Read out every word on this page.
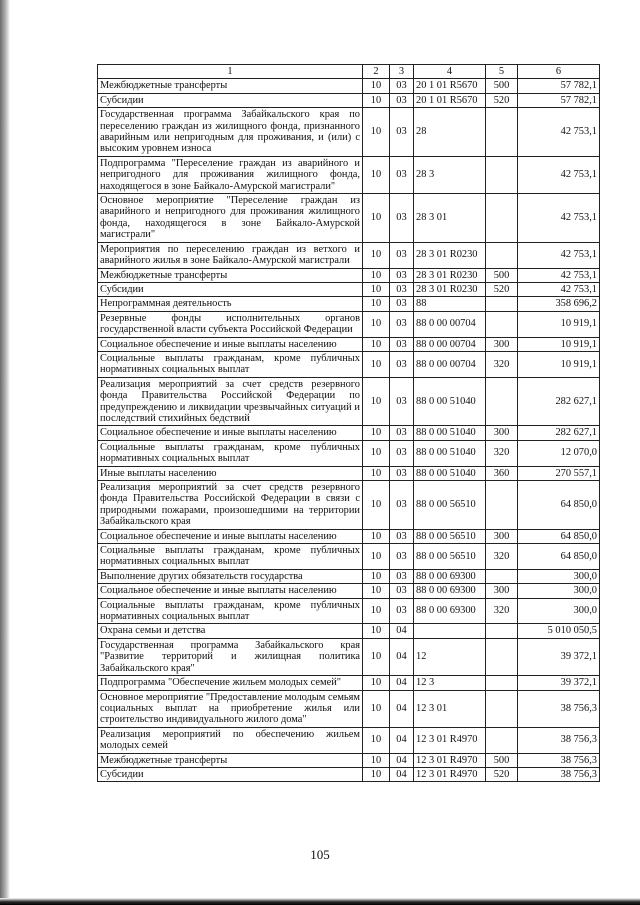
1	2	3	4	5	6
Межбюджетные трансферты	10	03	20 1 01 R5670	500	57 782,1
Субсидии	10	03	20 1 01 R5670	520	57 782,1
Государственная программа Забайкальского края по переселению граждан из жилищного фонда, признанного аварийным или непригодным для проживания, и (или) с высоким уровнем износа	10	03	28		42 753,1
Подпрограмма "Переселение граждан из аварийного и непригодного для проживания жилищного фонда, находящегося в зоне Байкало-Амурской магистрали"	10	03	28 3		42 753,1
Основное мероприятие "Переселение граждан из аварийного и непригодного для проживания жилищного фонда, находящегося в зоне Байкало-Амурской магистрали"	10	03	28 3 01		42 753,1
Мероприятия по переселению граждан из ветхого и аварийного жилья в зоне Байкало-Амурской магистрали	10	03	28 3 01 R0230		42 753,1
Межбюджетные трансферты	10	03	28 3 01 R0230	500	42 753,1
Субсидии	10	03	28 3 01 R0230	520	42 753,1
Непрограммная деятельность	10	03	88		358 696,2
Резервные фонды исполнительных органов государственной власти субъекта Российской Федерации	10	03	88 0 00 00704		10 919,1
Социальное обеспечение и иные выплаты населению	10	03	88 0 00 00704	300	10 919,1
Социальные выплаты гражданам, кроме публичных нормативных социальных выплат	10	03	88 0 00 00704	320	10 919,1
Реализация мероприятий за счет средств резервного фонда Правительства Российской Федерации по предупреждению и ликвидации чрезвычайных ситуаций и последствий стихийных бедствий	10	03	88 0 00 51040		282 627,1
Социальное обеспечение и иные выплаты населению	10	03	88 0 00 51040	300	282 627,1
Социальные выплаты гражданам, кроме публичных нормативных социальных выплат	10	03	88 0 00 51040	320	12 070,0
Иные выплаты населению	10	03	88 0 00 51040	360	270 557,1
Реализация мероприятий за счет средств резервного фонда Правительства Российской Федерации в связи с природными пожарами, произошедшими на территории Забайкальского края	10	03	88 0 00 56510		64 850,0
Социальное обеспечение и иные выплаты населению	10	03	88 0 00 56510	300	64 850,0
Социальные выплаты гражданам, кроме публичных нормативных социальных выплат	10	03	88 0 00 56510	320	64 850,0
Выполнение других обязательств государства	10	03	88 0 00 69300		300,0
Социальное обеспечение и иные выплаты населению	10	03	88 0 00 69300	300	300,0
Социальные выплаты гражданам, кроме публичных нормативных социальных выплат	10	03	88 0 00 69300	320	300,0
Охрана семьи и детства	10	04			5 010 050,5
Государственная программа Забайкальского края "Развитие территорий и жилищная политика Забайкальского края"	10	04	12		39 372,1
Подпрограмма "Обеспечение жильем молодых семей"	10	04	12 3		39 372,1
Основное мероприятие "Предоставление молодым семьям социальных выплат на приобретение жилья или строительство индивидуального жилого дома"	10	04	12 3 01		38 756,3
Реализация мероприятий по обеспечению жильем молодых семей	10	04	12 3 01 R4970		38 756,3
Межбюджетные трансферты	10	04	12 3 01 R4970	500	38 756,3
Субсидии	10	04	12 3 01 R4970	520	38 756,3
105
